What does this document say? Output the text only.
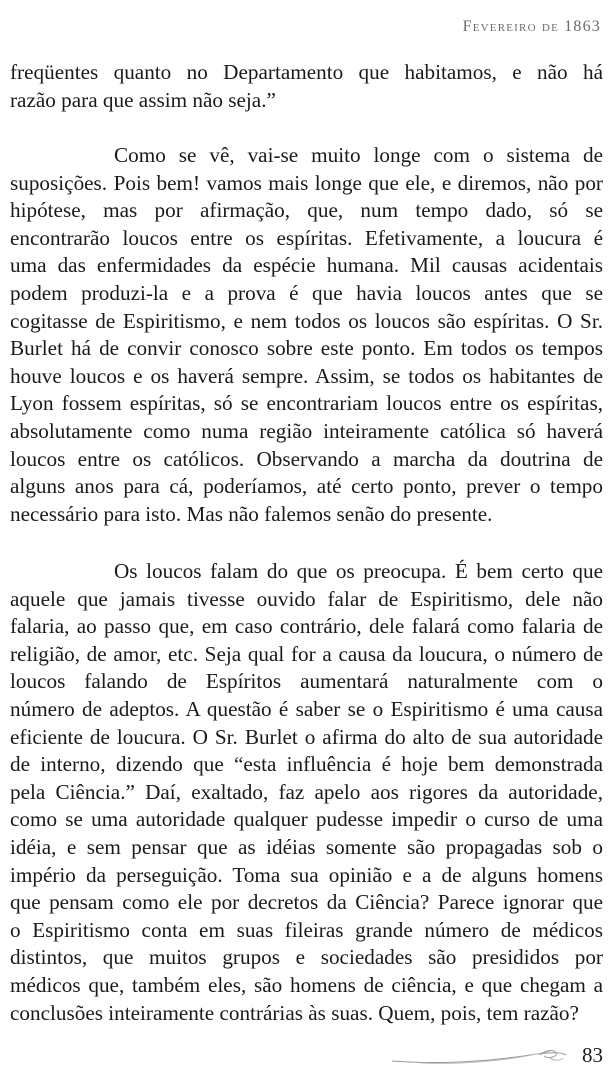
Fevereiro de 1863
freqüentes quanto no Departamento que habitamos, e não há
razão para que assim não seja.”
Como se vê, vai-se muito longe com o sistema de
suposições. Pois bem! vamos mais longe que ele, e diremos, não por
hipótese, mas por afirmação, que, num tempo dado, só se
encontrarão loucos entre os espíritas. Efetivamente, a loucura é
uma das enfermidades da espécie humana. Mil causas acidentais
podem produzi-la e a prova é que havia loucos antes que se
cogitasse de Espiritismo, e nem todos os loucos são espíritas. O Sr.
Burlet há de convir conosco sobre este ponto. Em todos os tempos
houve loucos e os haverá sempre. Assim, se todos os habitantes de
Lyon fossem espíritas, só se encontrariam loucos entre os espíritas,
absolutamente como numa região inteiramente católica só haverá
loucos entre os católicos. Observando a marcha da doutrina de
alguns anos para cá, poderíamos, até certo ponto, prever o tempo
necessário para isto. Mas não falemos senão do presente.
Os loucos falam do que os preocupa. É bem certo que
aquele que jamais tivesse ouvido falar de Espiritismo, dele não
falaria, ao passo que, em caso contrário, dele falará como falaria de
religião, de amor, etc. Seja qual for a causa da loucura, o número de
loucos falando de Espíritos aumentará naturalmente com o
número de adeptos. A questão é saber se o Espiritismo é uma causa
eficiente de loucura. O Sr. Burlet o afirma do alto de sua autoridade
de interno, dizendo que “esta influência é hoje bem demonstrada
pela Ciência.” Daí, exaltado, faz apelo aos rigores da autoridade,
como se uma autoridade qualquer pudesse impedir o curso de uma
idéia, e sem pensar que as idéias somente são propagadas sob o
império da perseguição. Toma sua opinião e a de alguns homens
que pensam como ele por decretos da Ciência? Parece ignorar que
o Espiritismo conta em suas fileiras grande número de médicos
distintos, que muitos grupos e sociedades são presididos por
médicos que, também eles, são homens de ciência, e que chegam a
conclusões inteiramente contrárias às suas. Quem, pois, tem razão?
83
